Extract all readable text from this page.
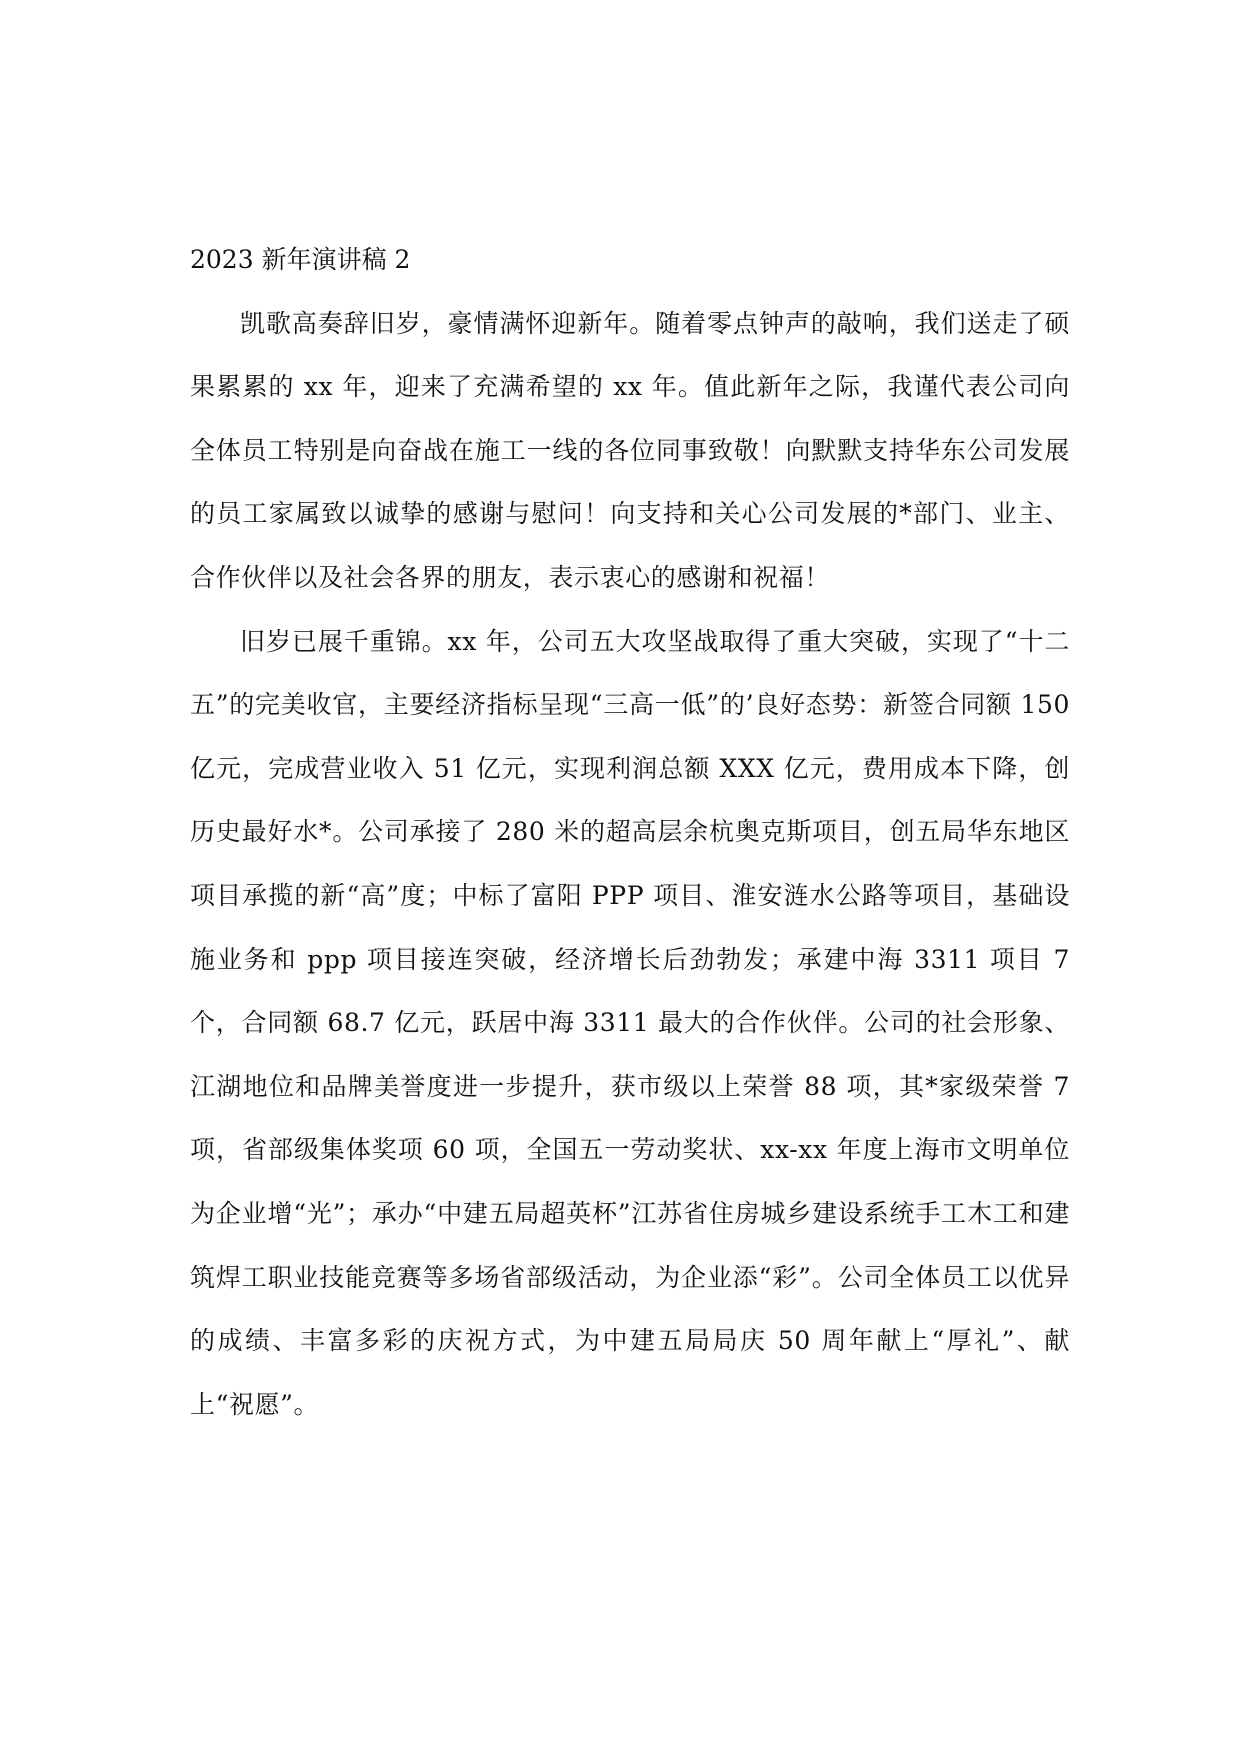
2023 新年演讲稿 2

凯歌高奏辞旧岁，豪情满怀迎新年。随着零点钟声的敲响，我们送走了硕果累累的 xx 年，迎来了充满希望的 xx 年。值此新年之际，我谨代表公司向全体员工特别是向奋战在施工一线的各位同事致敬！向默默支持华东公司发展的员工家属致以诚挚的感谢与慰问！向支持和关心公司发展的*部门、业主、合作伙伴以及社会各界的朋友，表示衷心的感谢和祝福！

旧岁已展千重锦。xx 年，公司五大攻坚战取得了重大突破，实现了“十二五”的完美收官，主要经济指标呈现“三高一低”的’良好态势：新签合同额 150 亿元，完成营业收入 51 亿元，实现利润总额 XXX 亿元，费用成本下降，创历史最好水*。公司承接了 280 米的超高层余杭奥克斯项目，创五局华东地区项目承揽的新“高”度；中标了富阳 PPP 项目、淮安涟水公路等项目，基础设施业务和 ppp 项目接连突破，经济增长后劲勃发；承建中海 3311 项目 7 个，合同额 68.7 亿元，跃居中海 3311 最大的合作伙伴。公司的社会形象、江湖地位和品牌美誉度进一步提升，获市级以上荣誉 88 项，其*家级荣誉 7 项，省部级集体奖项 60 项，全国五一劳动奖状、xx-xx 年度上海市文明单位为企业增“光”；承办“中建五局超英杯”江苏省住房城乡建设系统手工木工和建筑焊工职业技能竞赛等多场省部级活动，为企业添“彩”。公司全体员工以优异的成绩、丰富多彩的庆祝方式，为中建五局局庆 50 周年献上“厚礼”、献上“祝愿”。
